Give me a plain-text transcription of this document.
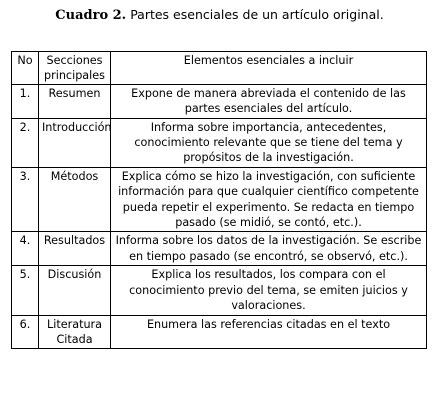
Cuadro 2. Partes esenciales de un artículo original.
No	Secciones principales	Elementos esenciales a incluir
1.	Resumen	Expone de manera abreviada el contenido de las partes esenciales del artículo.
2.	Introducción	Informa sobre importancia, antecedentes, conocimiento relevante que se tiene del tema y propósitos de la investigación.
3.	Métodos	Explica cómo se hizo la investigación, con suficiente información para que cualquier científico competente pueda repetir el experimento. Se redacta en tiempo pasado (se midió, se contó, etc.).
4.	Resultados	Informa sobre los datos de la investigación. Se escribe en tiempo pasado (se encontró, se observó, etc.).
5.	Discusión	Explica los resultados, los compara con el conocimiento previo del tema, se emiten juicios y valoraciones.
6.	Literatura Citada	Enumera las referencias citadas en el texto
